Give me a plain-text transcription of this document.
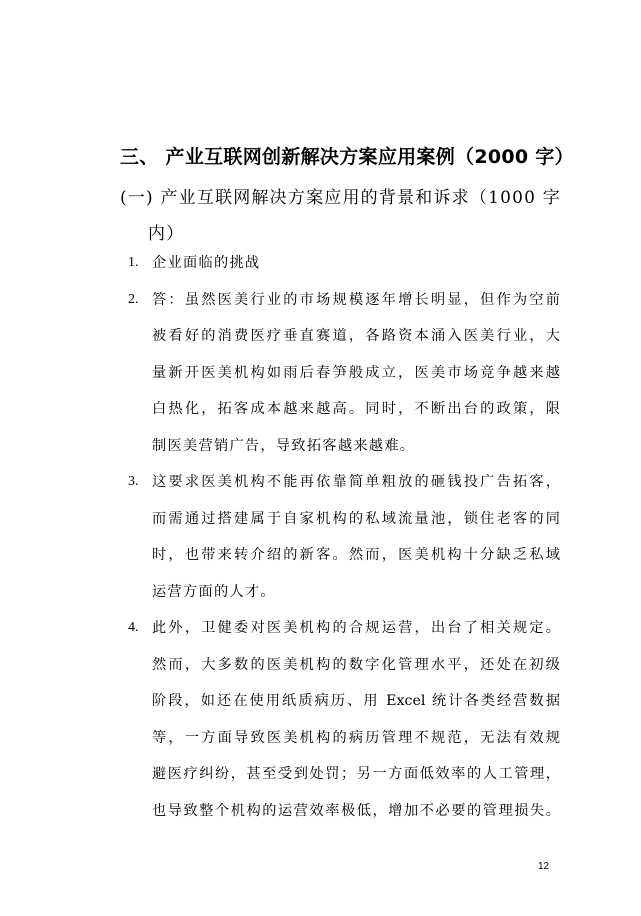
三、 产业互联网创新解决方案应用案例（2000 字）
(一) 产业互联网解决方案应用的背景和诉求（1000 字
内）
1. 企业面临的挑战
2. 答：虽然医美行业的市场规模逐年增长明显，但作为空前
被看好的消费医疗垂直赛道，各路资本涌入医美行业，大
量新开医美机构如雨后春笋般成立，医美市场竞争越来越
白热化，拓客成本越来越高。同时，不断出台的政策，限
制医美营销广告，导致拓客越来越难。
3. 这要求医美机构不能再依靠简单粗放的砸钱投广告拓客，
而需通过搭建属于自家机构的私域流量池，锁住老客的同
时，也带来转介绍的新客。然而，医美机构十分缺乏私域
运营方面的人才。
4. 此外，卫健委对医美机构的合规运营，出台了相关规定。
然而，大多数的医美机构的数字化管理水平，还处在初级
阶段，如还在使用纸质病历、用 Excel 统计各类经营数据
等，一方面导致医美机构的病历管理不规范，无法有效规
避医疗纠纷，甚至受到处罚；另一方面低效率的人工管理，
也导致整个机构的运营效率极低，增加不必要的管理损失。
12
